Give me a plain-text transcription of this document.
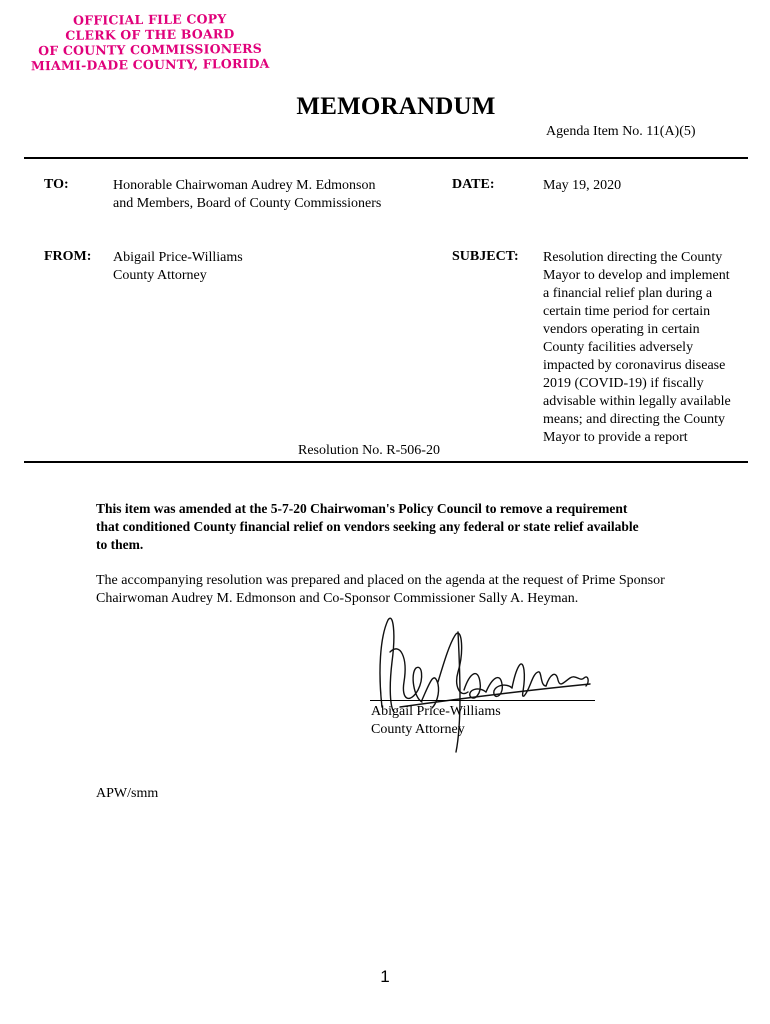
OFFICIAL FILE COPY
CLERK OF THE BOARD
OF COUNTY COMMISSIONERS
MIAMI-DADE COUNTY, FLORIDA
MEMORANDUM
Agenda Item No. 11(A)(5)
TO:	Honorable Chairwoman Audrey M. Edmonson
and Members, Board of County Commissioners
DATE:	May 19, 2020
FROM: Abigail Price-Williams
County Attorney
SUBJECT: Resolution directing the County
Mayor to develop and implement
a financial relief plan during a
certain time period for certain
vendors operating in certain
County facilities adversely
impacted by coronavirus disease
2019 (COVID-19) if fiscally
advisable within legally available
means; and directing the County
Mayor to provide a report
Resolution No. R-506-20
This item was amended at the 5-7-20 Chairwoman's Policy Council to remove a requirement
that conditioned County financial relief on vendors seeking any federal or state relief available
to them.
The accompanying resolution was prepared and placed on the agenda at the request of Prime Sponsor
Chairwoman Audrey M. Edmonson and Co-Sponsor Commissioner Sally A. Heyman.
Abigail Price-Williams
County Attorney
APW/smm
1
